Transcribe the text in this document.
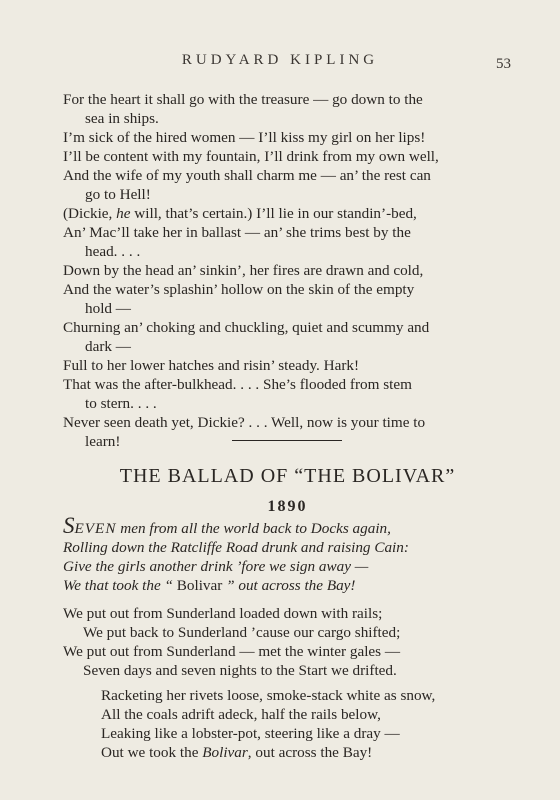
RUDYARD KIPLING	53
For the heart it shall go with the treasure — go down to the
sea in ships.
I’m sick of the hired women — I’ll kiss my girl on her lips!
I’ll be content with my fountain, I’ll drink from my own well,
And the wife of my youth shall charm me — an’ the rest can
go to Hell!
(Dickie, he will, that’s certain.) I’ll lie in our standin’-bed,
An’ Mac’ll take her in ballast — an’ she trims best by the
head. . . .
Down by the head an’ sinkin’, her fires are drawn and cold,
And the water’s splashin’ hollow on the skin of the empty
hold —
Churning an’ choking and chuckling, quiet and scummy and
dark —
Full to her lower hatches and risin’ steady. Hark!
That was the after-bulkhead. . . . She’s flooded from stem
to stern. . . .
Never seen death yet, Dickie? . . . Well, now is your time to
learn!
THE BALLAD OF “THE BOLIVAR”
1890
SEVEN men from all the world back to Docks again,
Rolling down the Ratcliffe Road drunk and raising Cain:
Give the girls another drink ’fore we sign away —
We that took the “ Bolivar ” out across the Bay!
We put out from Sunderland loaded down with rails;
We put back to Sunderland ’cause our cargo shifted;
We put out from Sunderland — met the winter gales —
Seven days and seven nights to the Start we drifted.
Racketing her rivets loose, smoke-stack white as snow,
All the coals adrift adeck, half the rails below,
Leaking like a lobster-pot, steering like a dray —
Out we took the Bolivar, out across the Bay!
